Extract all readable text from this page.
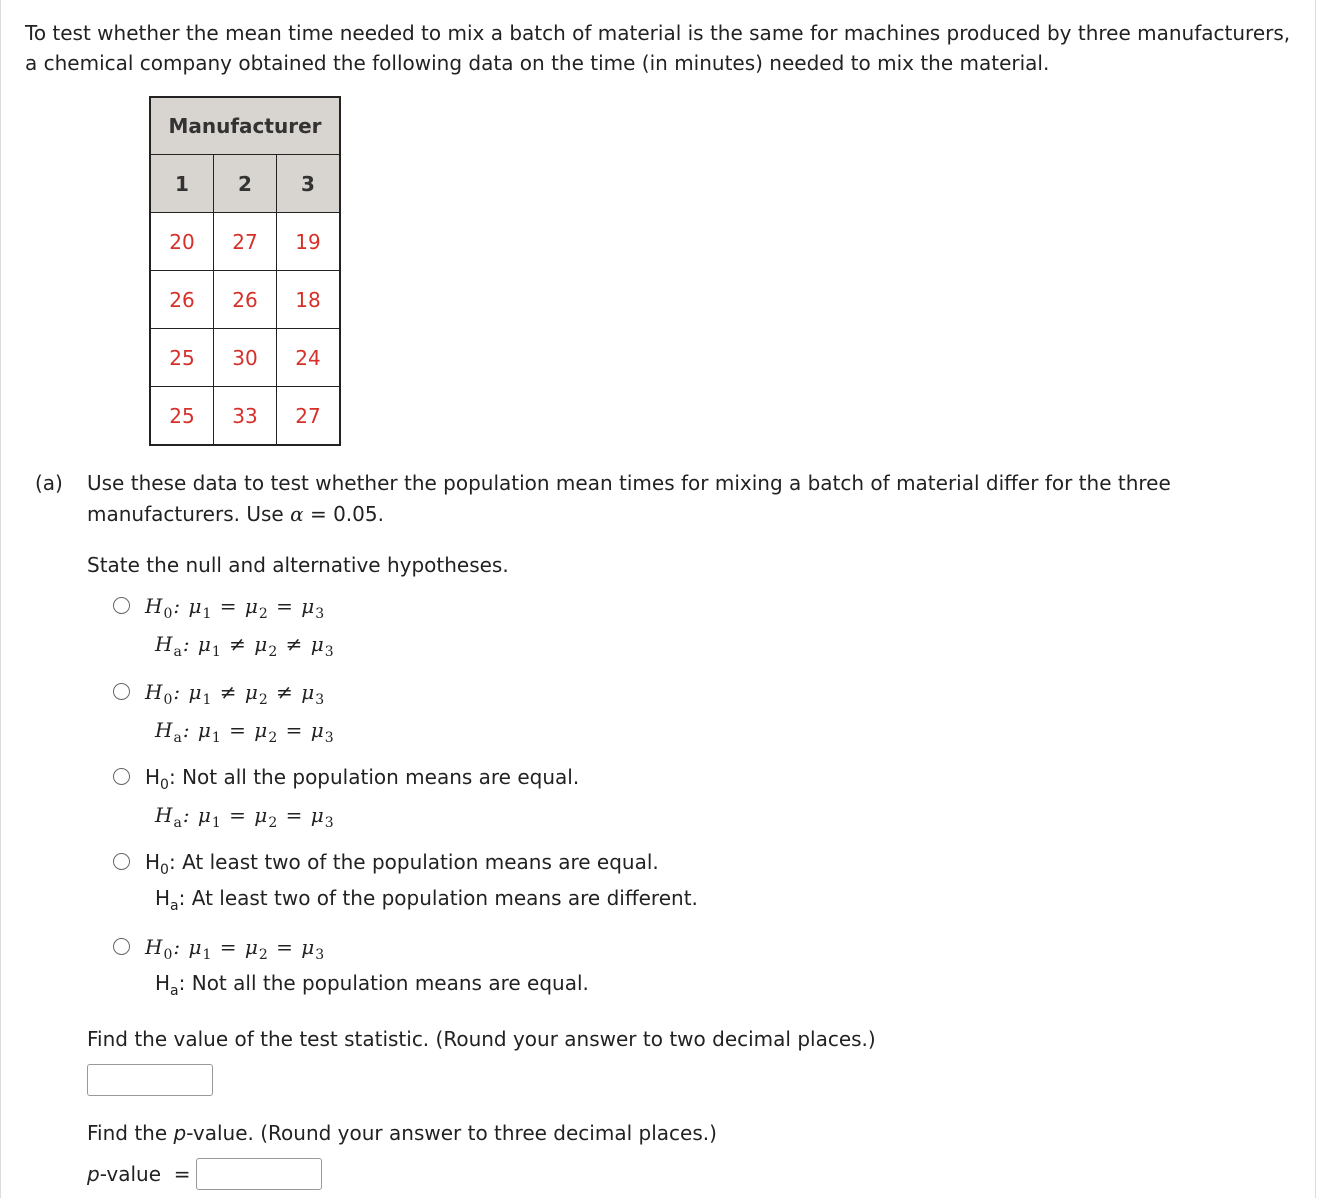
To test whether the mean time needed to mix a batch of material is the same for machines produced by three manufacturers, a chemical company obtained the following data on the time (in minutes) needed to mix the material.
Manufacturer		
1	2	3
20	27	19
26	26	18
25	30	24
25	33	27
(a) Use these data to test whether the population mean times for mixing a batch of material differ for the three manufacturers. Use α = 0.05.
State the null and alternative hypotheses.
$H_0$: $\mu_1 = \mu_2 = \mu_3$
$H_a$: $\mu_1 \ne \mu_2 \ne \mu_3$
$H_0$: $\mu_1 \ne \mu_2 \ne \mu_3$
$H_a$: $\mu_1 = \mu_2 = \mu_3$
$H_0$: Not all the population means are equal.
$H_a$: $\mu_1 = \mu_2 = \mu_3$
$H_0$: At least two of the population means are equal.
$H_a$: At least two of the population means are different.
$H_0$: $\mu_1 = \mu_2 = \mu_3$
$H_a$: Not all the population means are equal.
Find the value of the test statistic. (Round your answer to two decimal places.)
Find the p-value. (Round your answer to three decimal places.)
p-value  =
